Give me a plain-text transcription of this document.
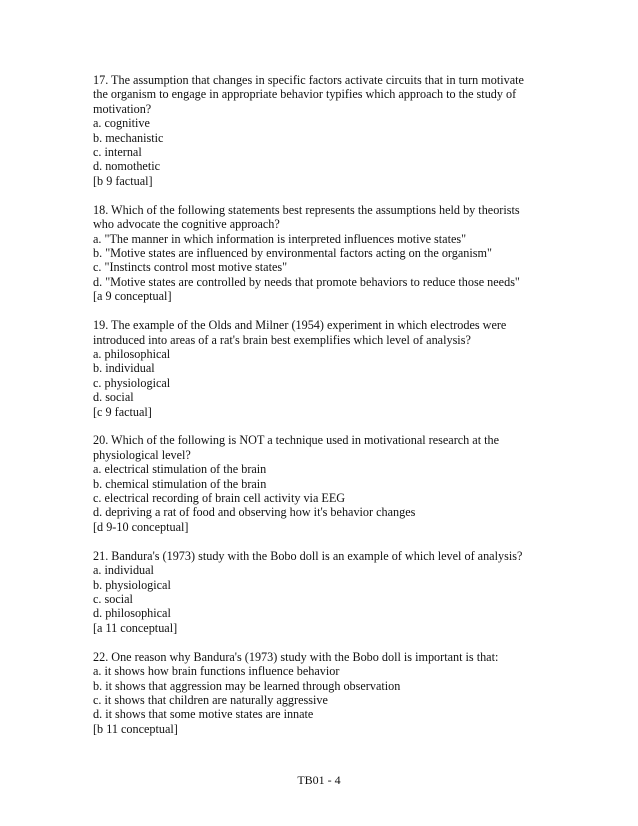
17. The assumption that changes in specific factors activate circuits that in turn motivate
the organism to engage in appropriate behavior typifies which approach to the study of
motivation?
a. cognitive
b. mechanistic
c. internal
d. nomothetic
[b 9 factual]
18. Which of the following statements best represents the assumptions held by theorists
who advocate the cognitive approach?
a. "The manner in which information is interpreted influences motive states"
b. "Motive states are influenced by environmental factors acting on the organism"
c. "Instincts control most motive states"
d. "Motive states are controlled by needs that promote behaviors to reduce those needs"
[a 9 conceptual]
19. The example of the Olds and Milner (1954) experiment in which electrodes were
introduced into areas of a rat's brain best exemplifies which level of analysis?
a. philosophical
b. individual
c. physiological
d. social
[c 9 factual]
20. Which of the following is NOT a technique used in motivational research at the
physiological level?
a. electrical stimulation of the brain
b. chemical stimulation of the brain
c. electrical recording of brain cell activity via EEG
d. depriving a rat of food and observing how it's behavior changes
[d 9-10 conceptual]
21. Bandura's (1973) study with the Bobo doll is an example of which level of analysis?
a. individual
b. physiological
c. social
d. philosophical
[a 11 conceptual]
22. One reason why Bandura's (1973) study with the Bobo doll is important is that:
a. it shows how brain functions influence behavior
b. it shows that aggression may be learned through observation
c. it shows that children are naturally aggressive
d. it shows that some motive states are innate
[b 11 conceptual]
TB01 - 4
